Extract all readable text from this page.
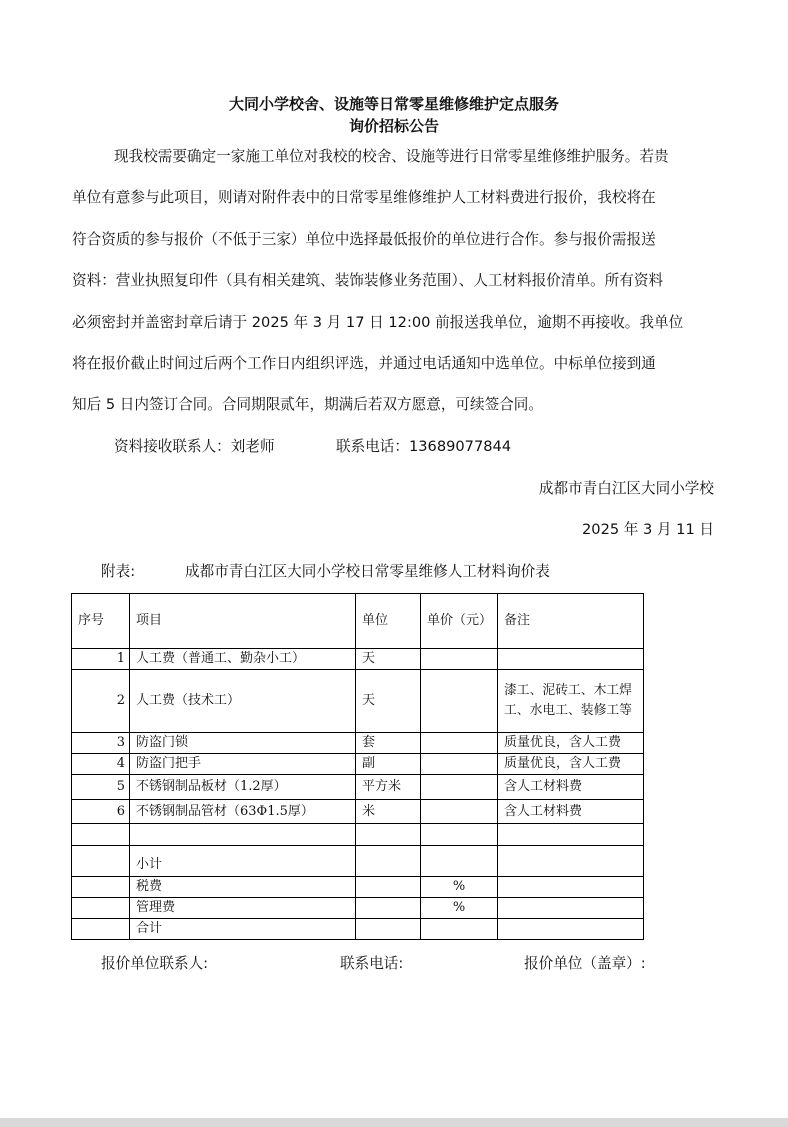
大同小学校舍、设施等日常零星维修维护定点服务
询价招标公告
现我校需要确定一家施工单位对我校的校舍、设施等进行日常零星维修维护服务。若贵
单位有意参与此项目，则请对附件表中的日常零星维修维护人工材料费进行报价，我校将在
符合资质的参与报价（不低于三家）单位中选择最低报价的单位进行合作。参与报价需报送
资料：营业执照复印件（具有相关建筑、装饰装修业务范围）、人工材料报价清单。所有资料
必须密封并盖密封章后请于 2025 年 3 月 17 日 12:00 前报送我单位，逾期不再接收。我单位
将在报价截止时间过后两个工作日内组织评选，并通过电话通知中选单位。中标单位接到通
知后 5 日内签订合同。合同期限贰年，期满后若双方愿意，可续签合同。
资料接收联系人：刘老师	联系电话：13689077844
成都市青白江区大同小学校
2025 年 3 月 11 日
附表:	成都市青白江区大同小学校日常零星维修人工材料询价表
序号	项目	单位	单价（元）	备注
1	人工费（普通工、勤杂小工）	天		
2	人工费（技术工）	天		漆工、泥砖工、木工焊工、水电工、装修工等
3	防盗门锁	套		质量优良，含人工费
4	防盗门把手	副		质量优良，含人工费
5	不锈钢制品板材（1.2厚）	平方米		含人工材料费
6	不锈钢制品管材（63Φ1.5厚）	米		含人工材料费

	小计			
	税费		%	
	管理费		%	
	合计			
报价单位联系人:	联系电话:	报价单位（盖章）:
